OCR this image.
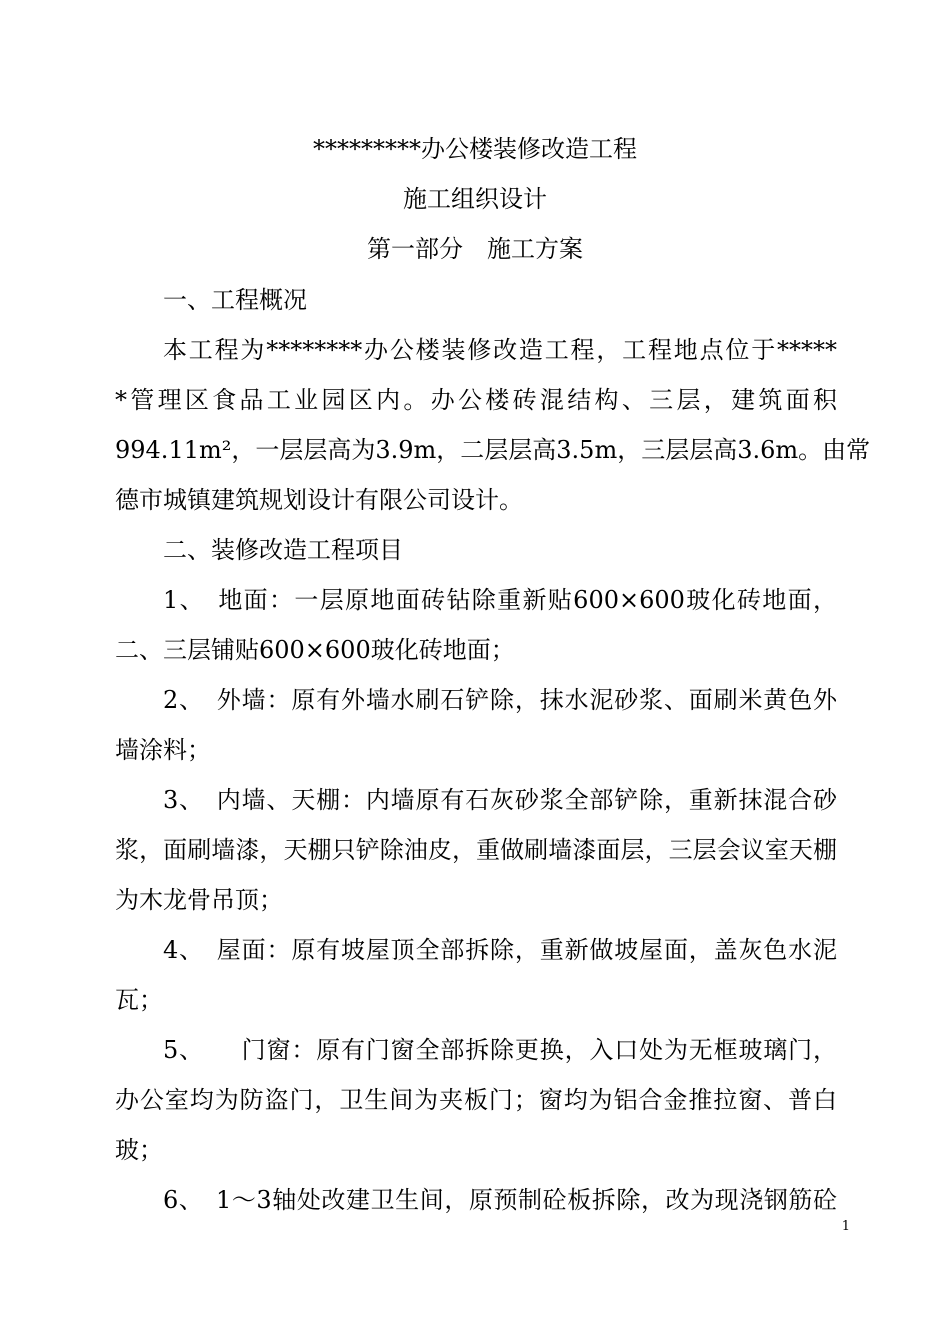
*********办公楼装修改造工程
施工组织设计
第一部分　施工方案
一、工程概况
本工程为********办公楼装修改造工程，工程地点位于*****
*管理区食品工业园区内。办公楼砖混结构、三层，建筑面积
994.11m²，一层层高为3.9m，二层层高3.5m，三层层高3.6m。由常
德市城镇建筑规划设计有限公司设计。
二、装修改造工程项目
1、　地面：一层原地面砖钻除重新贴600×600玻化砖地面，
二、三层铺贴600×600玻化砖地面；
2、　外墙：原有外墙水刷石铲除，抹水泥砂浆、面刷米黄色外
墙涂料；
3、　内墙、天棚：内墙原有石灰砂浆全部铲除，重新抹混合砂
浆，面刷墙漆，天棚只铲除油皮，重做刷墙漆面层，三层会议室天棚
为木龙骨吊顶；
4、　屋面：原有坡屋顶全部拆除，重新做坡屋面，盖灰色水泥
瓦；
5、　　门窗：原有门窗全部拆除更换，入口处为无框玻璃门，
办公室均为防盗门，卫生间为夹板门；窗均为铝合金推拉窗、普白
玻；
6、　1～3轴处改建卫生间，原预制砼板拆除，改为现浇钢筋砼
1
